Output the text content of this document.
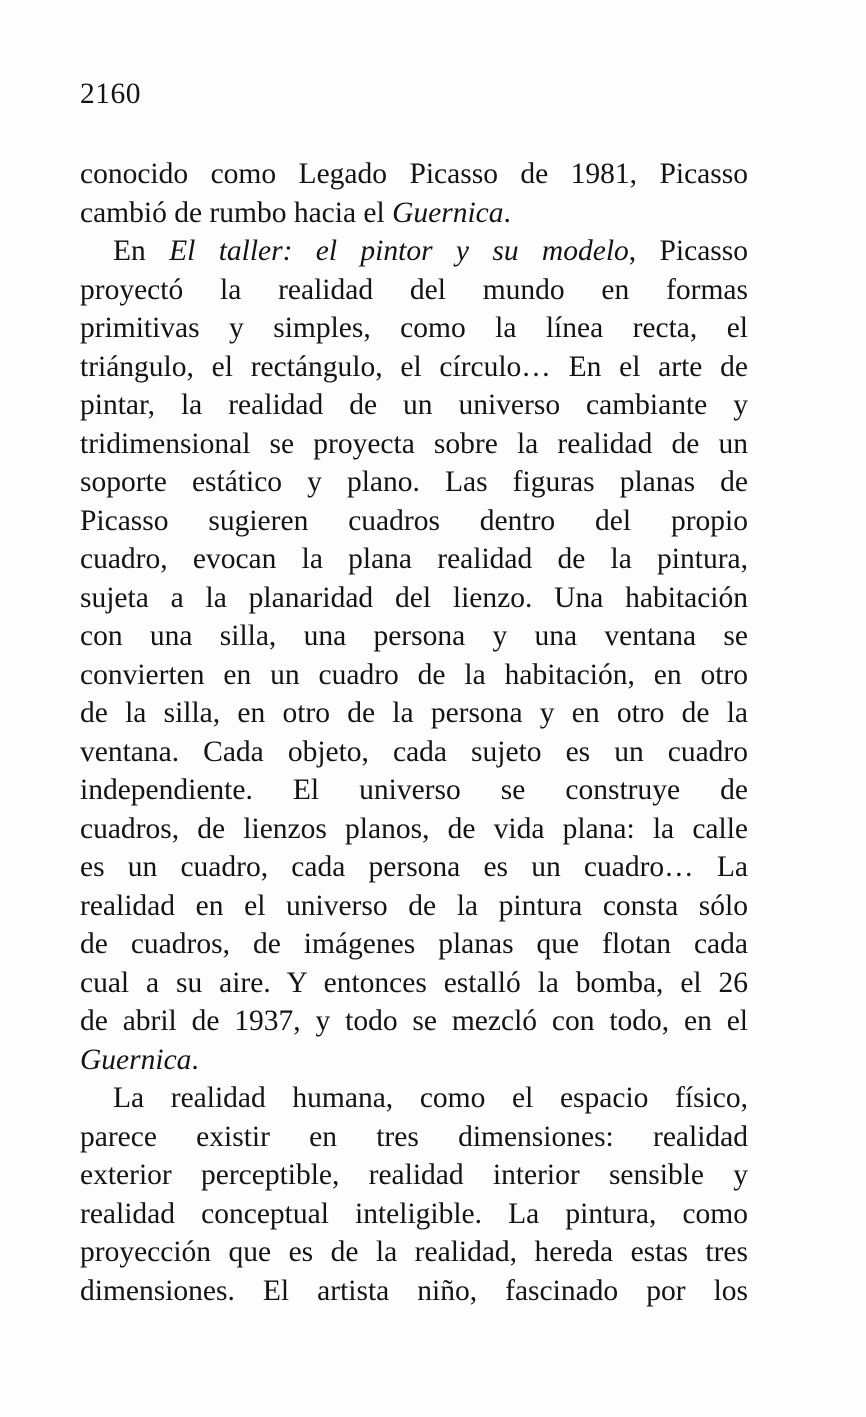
2160
conocido como Legado Picasso de 1981, Picasso
cambió de rumbo hacia el Guernica.
En El taller: el pintor y su modelo, Picasso
proyectó la realidad del mundo en formas
primitivas y simples, como la línea recta, el
triángulo, el rectángulo, el círculo… En el arte de
pintar, la realidad de un universo cambiante y
tridimensional se proyecta sobre la realidad de un
soporte estático y plano. Las figuras planas de
Picasso sugieren cuadros dentro del propio
cuadro, evocan la plana realidad de la pintura,
sujeta a la planaridad del lienzo. Una habitación
con una silla, una persona y una ventana se
convierten en un cuadro de la habitación, en otro
de la silla, en otro de la persona y en otro de la
ventana. Cada objeto, cada sujeto es un cuadro
independiente. El universo se construye de
cuadros, de lienzos planos, de vida plana: la calle
es un cuadro, cada persona es un cuadro… La
realidad en el universo de la pintura consta sólo
de cuadros, de imágenes planas que flotan cada
cual a su aire. Y entonces estalló la bomba, el 26
de abril de 1937, y todo se mezcló con todo, en el
Guernica.
La realidad humana, como el espacio físico,
parece existir en tres dimensiones: realidad
exterior perceptible, realidad interior sensible y
realidad conceptual inteligible. La pintura, como
proyección que es de la realidad, hereda estas tres
dimensiones. El artista niño, fascinado por los
